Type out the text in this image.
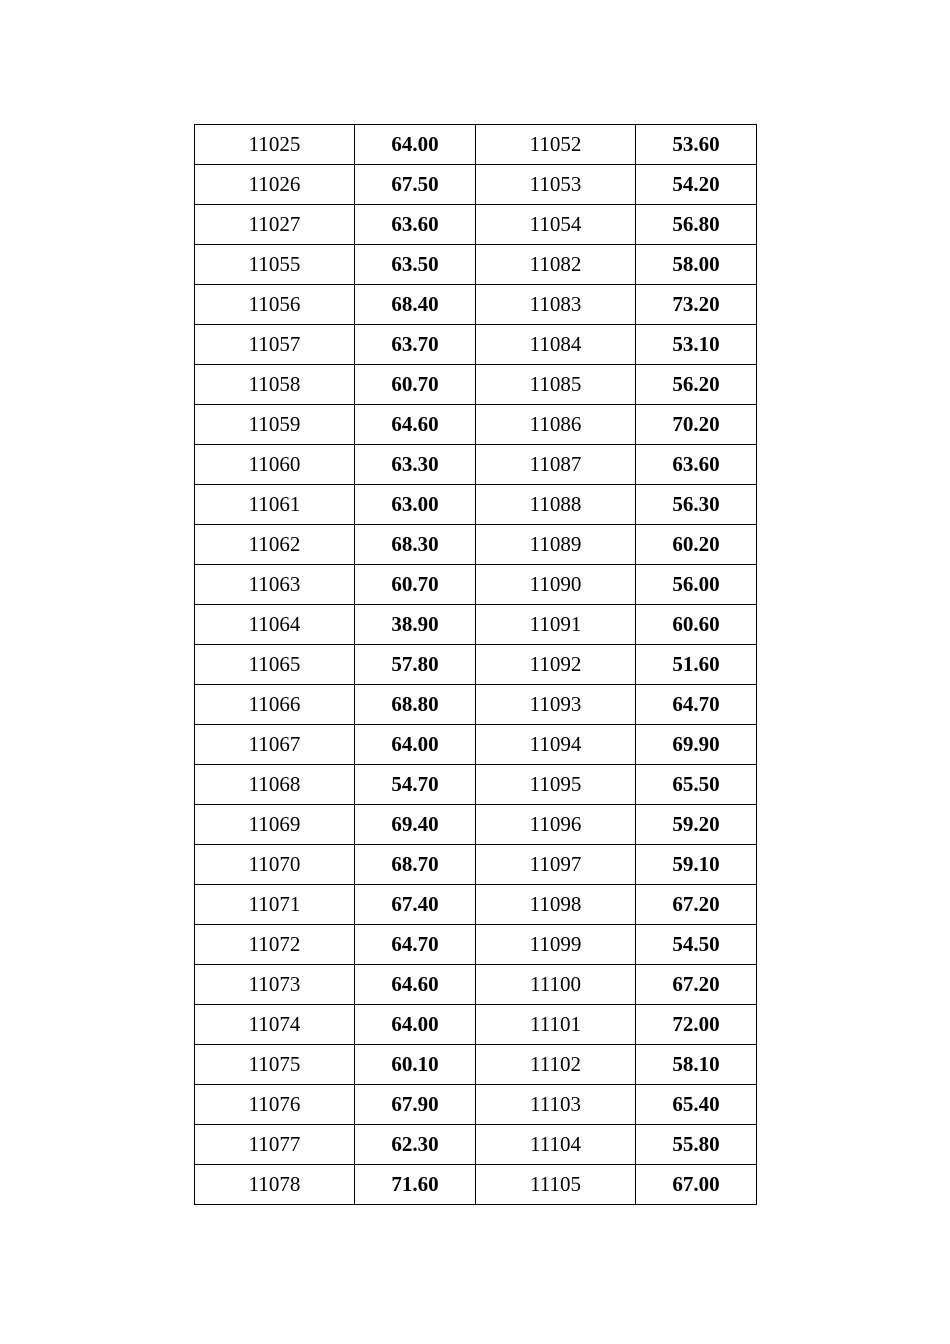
11025	64.00	11052	53.60
11026	67.50	11053	54.20
11027	63.60	11054	56.80
11055	63.50	11082	58.00
11056	68.40	11083	73.20
11057	63.70	11084	53.10
11058	60.70	11085	56.20
11059	64.60	11086	70.20
11060	63.30	11087	63.60
11061	63.00	11088	56.30
11062	68.30	11089	60.20
11063	60.70	11090	56.00
11064	38.90	11091	60.60
11065	57.80	11092	51.60
11066	68.80	11093	64.70
11067	64.00	11094	69.90
11068	54.70	11095	65.50
11069	69.40	11096	59.20
11070	68.70	11097	59.10
11071	67.40	11098	67.20
11072	64.70	11099	54.50
11073	64.60	11100	67.20
11074	64.00	11101	72.00
11075	60.10	11102	58.10
11076	67.90	11103	65.40
11077	62.30	11104	55.80
11078	71.60	11105	67.00
